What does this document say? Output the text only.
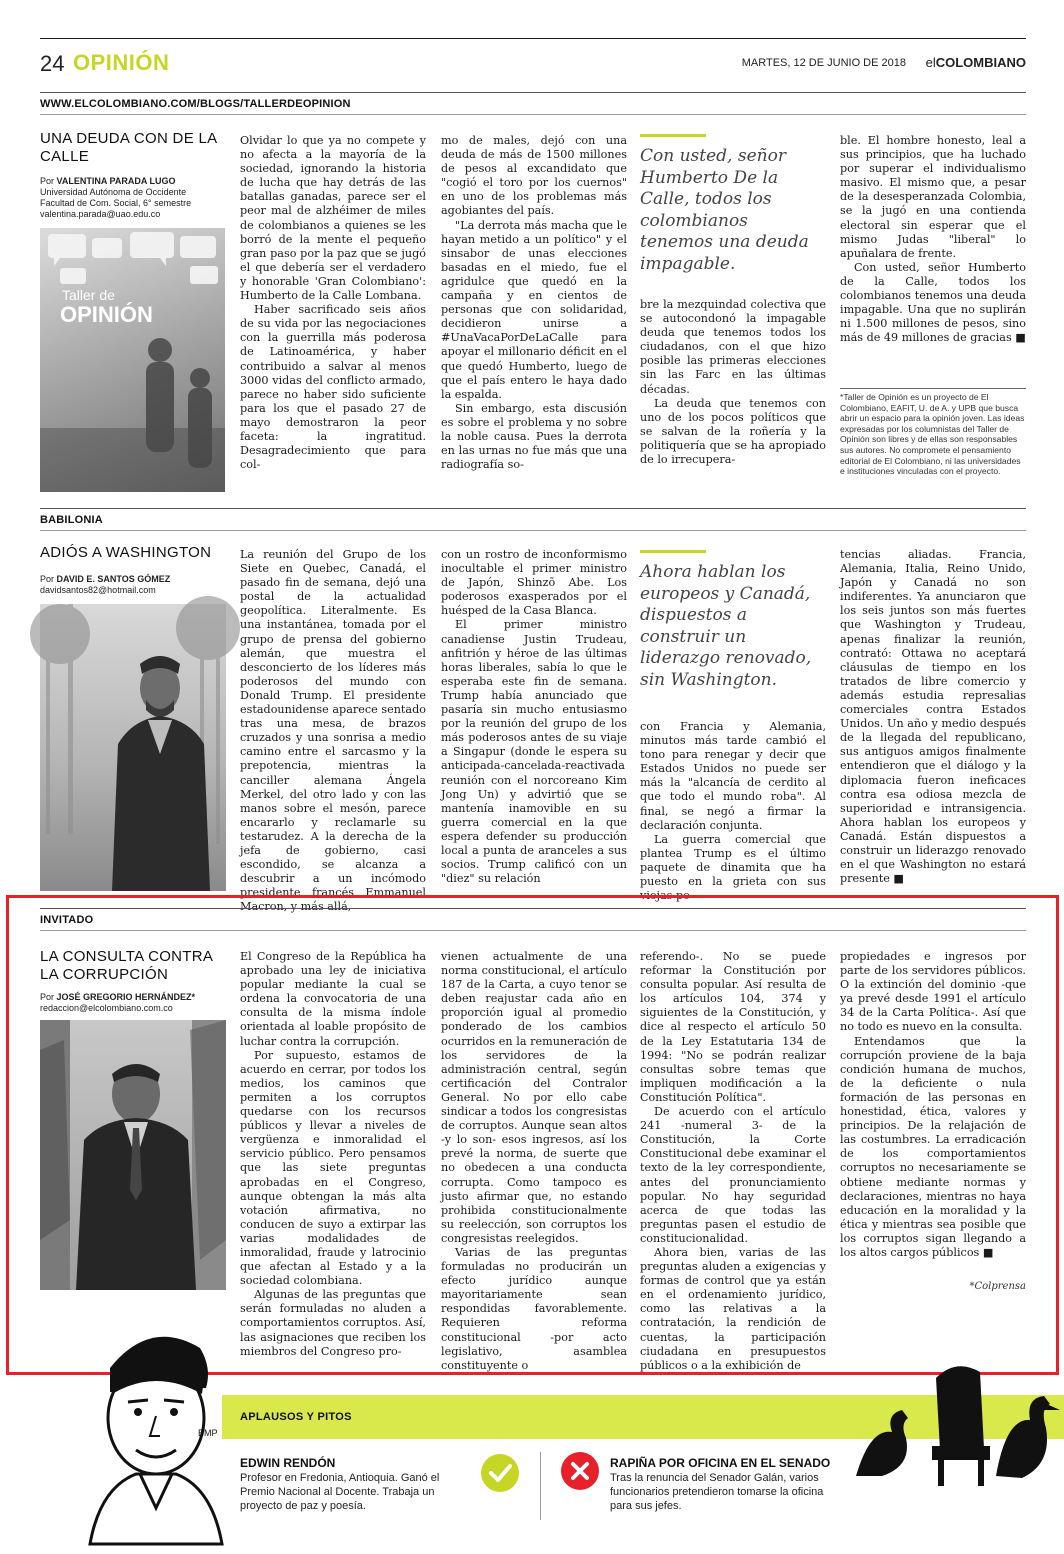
24 OPINIÓN	MARTES, 12 DE JUNIO DE 2018 elCOLOMBIANO
WWW.ELCOLOMBIANO.COM/BLOGS/TALLERDEOPINION
UNA DEUDA CON DE LA CALLE
Por VALENTINA PARADA LUGO
Universidad Autónoma de Occidente
Facultad de Com. Social, 6° semestre
valentina.parada@uao.edu.co
Taller de
OPINIÓN

Olvidar lo que ya no compete y no afecta a la mayoría de la sociedad, ignorando la historia de lucha que hay detrás de las batallas ganadas, parece ser el peor mal de alzhéimer de miles de colombianos a quienes se les borró de la mente el pequeño gran paso por la paz que se jugó el que debería ser el verdadero y honorable 'Gran Colombiano': Humberto de la Calle Lombana.

Haber sacrificado seis años de su vida por las negociaciones con la guerrilla más poderosa de Latinoamérica, y haber contribuido a salvar al menos 3000 vidas del conflicto armado, parece no haber sido suficiente para los que el pasado 27 de mayo demostraron la peor faceta: la ingratitud. Desagradecimiento que para col-

mo de males, dejó con una deuda de más de 1500 millones de pesos al excandidato que "cogió el toro por los cuernos" en uno de los problemas más agobiantes del país.

"La derrota más macha que le hayan metido a un político" y el sinsabor de unas elecciones basadas en el miedo, fue el agridulce que quedó en la campaña y en cientos de personas que con solidaridad, decidieron unirse a #UnaVacaPorDeLaCalle para apoyar el millonario déficit en el que quedó Humberto, luego de que el país entero le haya dado la espalda.

Sin embargo, esta discusión es sobre el problema y no sobre la noble causa. Pues la derrota en las urnas no fue más que una radiografía so-

Con usted, señor Humberto De la Calle, todos los colombianos tenemos una deuda impagable.

bre la mezquindad colectiva que se autocondonó la impagable deuda que tenemos todos los ciudadanos, con el que hizo posible las primeras elecciones sin las Farc en las últimas décadas.

La deuda que tenemos con uno de los pocos políticos que se salvan de la roñería y la politiquería que se ha apropiado de lo irrecupera-

ble. El hombre honesto, leal a sus principios, que ha luchado por superar el individualismo masivo. El mismo que, a pesar de la desesperanzada Colombia, se la jugó en una contienda electoral sin esperar que el mismo Judas "liberal" lo apuñalara de frente.

Con usted, señor Humberto de la Calle, todos los colombianos tenemos una deuda impagable. Una que no suplirán ni 1.500 millones de pesos, sino más de 49 millones de gracias ■

*Taller de Opinión es un proyecto de El Colombiano, EAFIT, U. de A. y UPB que busca abrir un espacio para la opinión joven. Las ideas expresadas por los columnistas del Taller de Opinión son libres y de ellas son responsables sus autores. No compromete el pensamiento editorial de El Colombiano, ni las universidades e instituciones vinculadas con el proyecto.
BABILONIA
ADIÓS A WASHINGTON
Por DAVID E. SANTOS GÓMEZ
davidsantos82@hotmail.com

La reunión del Grupo de los Siete en Quebec, Canadá, el pasado fin de semana, dejó una postal de la actualidad geopolítica. Literalmente. Es una instantánea, tomada por el grupo de prensa del gobierno alemán, que muestra el desconcierto de los líderes más poderosos del mundo con Donald Trump. El presidente estadounidense aparece sentado tras una mesa, de brazos cruzados y una sonrisa a medio camino entre el sarcasmo y la prepotencia, mientras la canciller alemana Ángela Merkel, del otro lado y con las manos sobre el mesón, parece encararlo y reclamarle su testarudez. A la derecha de la jefa de gobierno, casi escondido, se alcanza a descubrir a un incómodo presidente francés Emmanuel Macron, y más allá,

con un rostro de inconformismo inocultable el primer ministro de Japón, Shinzō Abe. Los poderosos exasperados por el huésped de la Casa Blanca.

El primer ministro canadiense Justin Trudeau, anfitrión y héroe de las últimas horas liberales, sabía lo que le esperaba este fin de semana. Trump había anunciado que pasaría sin mucho entusiasmo por la reunión del grupo de los más poderosos antes de su viaje a Singapur (donde le espera su anticipada-cancelada-reactivada reunión con el norcoreano Kim Jong Un) y advirtió que se mantenía inamovible en su guerra comercial en la que espera defender su producción local a punta de aranceles a sus socios. Trump calificó con un "diez" su relación

Ahora hablan los europeos y Canadá, dispuestos a construir un liderazgo renovado, sin Washington.

con Francia y Alemania, minutos más tarde cambió el tono para renegar y decir que Estados Unidos no puede ser más la "alcancía de cerdito al que todo el mundo roba". Al final, se negó a firmar la declaración conjunta.

La guerra comercial que plantea Trump es el último paquete de dinamita que ha puesto en la grieta con sus viejas po-

tencias aliadas. Francia, Alemania, Italia, Reino Unido, Japón y Canadá no son indiferentes. Ya anunciaron que los seis juntos son más fuertes que Washington y Trudeau, apenas finalizar la reunión, contrató: Ottawa no aceptará cláusulas de tiempo en los tratados de libre comercio y además estudia represalias comerciales contra Estados Unidos. Un año y medio después de la llegada del republicano, sus antiguos amigos finalmente entendieron que el diálogo y la diplomacia fueron ineficaces contra esa odiosa mezcla de superioridad e intransigencia. Ahora hablan los europeos y Canadá. Están dispuestos a construir un liderazgo renovado en el que Washington no estará presente ■

INVITADO
LA CONSULTA CONTRA LA CORRUPCIÓN
Por JOSÉ GREGORIO HERNÁNDEZ*
redaccion@elcolombiano.com.co

El Congreso de la República ha aprobado una ley de iniciativa popular mediante la cual se ordena la convocatoria de una consulta de la misma índole orientada al loable propósito de luchar contra la corrupción.

Por supuesto, estamos de acuerdo en cerrar, por todos los medios, los caminos que permiten a los corruptos quedarse con los recursos públicos y llevar a niveles de vergüenza e inmoralidad el servicio público. Pero pensamos que las siete preguntas aprobadas en el Congreso, aunque obtengan la más alta votación afirmativa, no conducen de suyo a extirpar las varias modalidades de inmoralidad, fraude y latrocinio que afectan al Estado y a la sociedad colombiana.

Algunas de las preguntas que serán formuladas no aluden a comportamientos corruptos. Así, las asignaciones que reciben los miembros del Congreso pro-

vienen actualmente de una norma constitucional, el artículo 187 de la Carta, a cuyo tenor se deben reajustar cada año en proporción igual al promedio ponderado de los cambios ocurridos en la remuneración de los servidores de la administración central, según certificación del Contralor General. No por ello cabe sindicar a todos los congresistas de corruptos. Aunque sean altos -y lo son- esos ingresos, así los prevé la norma, de suerte que no obedecen a una conducta corrupta. Como tampoco es justo afirmar que, no estando prohibida constitucionalmente su reelección, son corruptos los congresistas reelegidos.

Varias de las preguntas formuladas no producirán un efecto jurídico aunque mayoritariamente sean respondidas favorablemente. Requieren reforma constitucional -por acto legislativo, asamblea constituyente o

referendo-. No se puede reformar la Constitución por consulta popular. Así resulta de los artículos 104, 374 y siguientes de la Constitución, y dice al respecto el artículo 50 de la Ley Estatutaria 134 de 1994: "No se podrán realizar consultas sobre temas que impliquen modificación a la Constitución Política".

De acuerdo con el artículo 241 -numeral 3- de la Constitución, la Corte Constitucional debe examinar el texto de la ley correspondiente, antes del pronunciamiento popular. No hay seguridad acerca de que todas las preguntas pasen el estudio de constitucionalidad.

Ahora bien, varias de las preguntas aluden a exigencias y formas de control que ya están en el ordenamiento jurídico, como las relativas a la contratación, la rendición de cuentas, la participación ciudadana en presupuestos públicos o a la exhibición de

propiedades e ingresos por parte de los servidores públicos. O la extinción del dominio -que ya prevé desde 1991 el artículo 34 de la Carta Política-. Así que no todo es nuevo en la consulta.

Entendamos que la corrupción proviene de la baja condición humana de muchos, de la deficiente o nula formación de las personas en honestidad, ética, valores y principios. De la relajación de las costumbres. La erradicación de los comportamientos corruptos no necesariamente se obtiene mediante normas y declaraciones, mientras no haya educación en la moralidad y la ética y mientras sea posible que los corruptos sigan llegando a los altos cargos públicos ■

*Colprensa
APLAUSOS Y PITOS
BMP
EDWIN RENDÓN
Profesor en Fredonia, Antioquia. Ganó el Premio Nacional al Docente. Trabaja un proyecto de paz y poesía.
RAPIÑA POR OFICINA EN EL SENADO
Tras la renuncia del Senador Galán, varios funcionarios pretendieron tomarse la oficina para sus jefes.
